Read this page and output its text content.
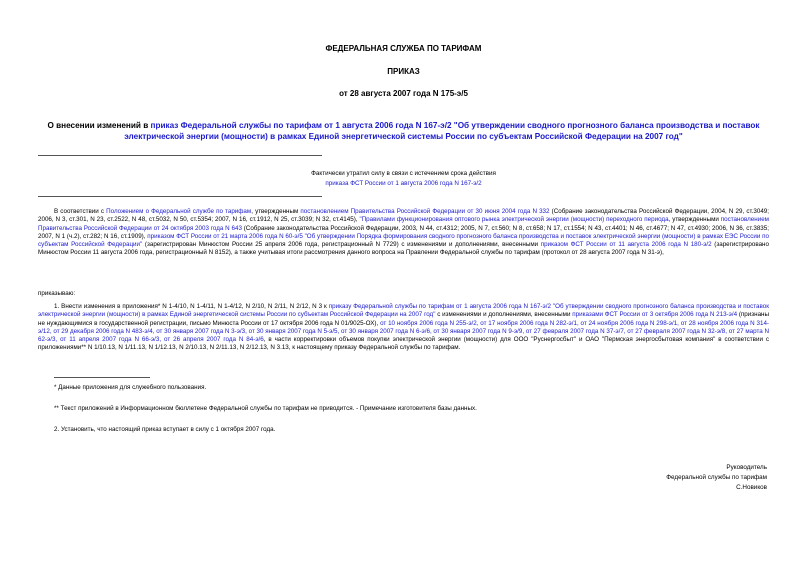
ФЕДЕРАЛЬНАЯ СЛУЖБА ПО ТАРИФАМ
ПРИКАЗ
от 28 августа 2007 года N 175-э/5
О внесении изменений в приказ Федеральной службы по тарифам от 1 августа 2006 года N 167-э/2 "Об утверждении сводного прогнозного баланса производства и поставок электрической энергии (мощности) в рамках Единой энергетической системы России по субъектам Российской Федерации на 2007 год"
Фактически утратил силу в связи с истечением срока действия
приказа ФСТ России от 1 августа 2006 года N 167-э/2
В соответствии с Положением о Федеральной службе по тарифам, утвержденным постановлением Правительства Российской Федерации от 30 июня 2004 года N 332 (Собрание законодательства Российской Федерации, 2004, N 29, ст.3049; 2006, N 3, ст.301, N 23, ст.2522, N 48, ст.5032, N 50, ст.5354; 2007, N 16, ст.1912, N 25, ст.3039; N 32, ст.4145), "Правилами функционирования оптового рынка электрической энергии (мощности) переходного периода, утвержденными постановлением Правительства Российской Федерации от 24 октября 2003 года N 643 (Собрание законодательства Российской Федерации, 2003, N 44, ст.4312; 2005, N 7, ст.560; N 8, ст.658; N 17, ст.1554; N 43, ст.4401; N 46, ст.4677; N 47, ст.4930; 2006, N 36, ст.3835; 2007, N 1 (ч.2), ст.282; N 16, ст.1909), приказом ФСТ России от 21 марта 2006 года N 60-э/5 "Об утверждении Порядка формирования сводного прогнозного баланса производства и поставок электрической энергии (мощности) в рамках ЕЭС России по субъектам Российской Федерации" (зарегистрирован Минюстом России 25 апреля 2006 года, регистрационный N 7729) с изменениями и дополнениями, внесенными приказом ФСТ России от 11 августа 2006 года N 180-э/2 (зарегистрировано Минюстом России 11 августа 2006 года, регистрационный N 8152), а также учитывая итоги рассмотрения данного вопроса на Правлении Федеральной службы по тарифам (протокол от 28 августа 2007 года N 31-э),
приказываю:
1. Внести изменения в приложения* N 1-4/10, N 1-4/11, N 1-4/12, N 2/10, N 2/11, N 2/12, N 3 к приказу Федеральной службы по тарифам от 1 августа 2006 года N 167-э/2 "Об утверждении сводного прогнозного баланса производства и поставок электрической энергии (мощности) в рамках Единой энергетической системы России по субъектам Российской Федерации на 2007 год" с изменениями и дополнениями, внесенными приказами ФСТ России от 3 октября 2006 года N 213-э/4 (признаны не нуждающимися в государственной регистрации, письмо Минюста России от 17 октября 2006 года N 01/9025-ОХ), от 10 ноября 2006 года N 255-э/2, от 17 ноября 2006 года N 282-э/1, от 24 ноября 2006 года N 298-э/1, от 28 ноября 2006 года N 314-э/12, от 29 декабря 2006 года N 483-э/4, от 30 января 2007 года N 3-э/3, от 30 января 2007 года N 5-э/5, от 30 января 2007 года N 6-э/6, от 30 января 2007 года N 9-э/9, от 27 февраля 2007 года N 37-э/7, от 27 февраля 2007 года N 32-э/8, от 27 марта N 62-э/3, от 11 апреля 2007 года N 66-э/3, от 26 апреля 2007 года N 84-э/6, в части корректировки объемов покупки электрической энергии (мощности) для ООО "Руснергосбыт" и ОАО "Пермская энергосбытовая компания" в соответствии с приложениями** N 1/10.13, N 1/11.13, N 1/12.13, N 2/10.13, N 2/11.13, N 2/12.13, N 3.13, к настоящему приказу Федеральной службы по тарифам.
* Данные приложения для служебного пользования.
** Текст приложений в Информационном бюллетене Федеральной службы по тарифам не приводится. - Примечание изготовителя базы данных.
2. Установить, что настоящий приказ вступает в силу с 1 октября 2007 года.
Руководитель
Федеральной службы по тарифам
С.Новиков
